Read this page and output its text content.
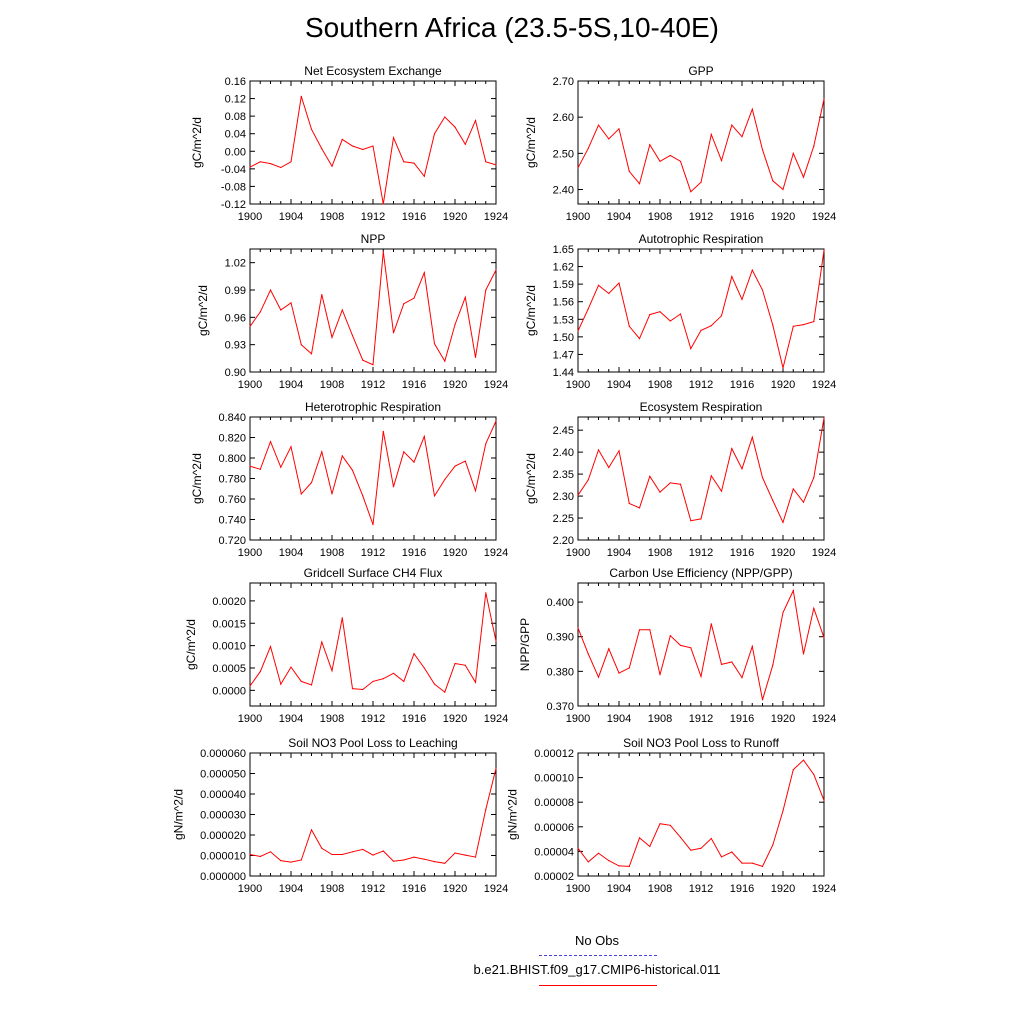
Southern Africa (23.5-5S,10-40E)
Net Ecosystem Exchange
1900 1904 1908 1912 1916 1920 1924
-0.12
-0.08
-0.04
0.00
0.04
0.08
0.12
0.16
gC/m^2/d
GPP
1900 1904 1908 1912 1916 1920 1924
2.40
2.50
2.60
2.70
gC/m^2/d
NPP
1900 1904 1908 1912 1916 1920 1924
0.90
0.93
0.96
0.99
1.02
gC/m^2/d
Autotrophic Respiration
1900 1904 1908 1912 1916 1920 1924
1.44
1.47
1.50
1.53
1.56
1.59
1.62
1.65
gC/m^2/d
Heterotrophic Respiration
1900 1904 1908 1912 1916 1920 1924
0.720
0.740
0.760
0.780
0.800
0.820
0.840
gC/m^2/d
Ecosystem Respiration
1900 1904 1908 1912 1916 1920 1924
2.20
2.25
2.30
2.35
2.40
2.45
gC/m^2/d
Gridcell Surface CH4 Flux
1900 1904 1908 1912 1916 1920 1924
0.0000
0.0005
0.0010
0.0015
0.0020
gC/m^2/d
Carbon Use Efficiency (NPP/GPP)
1900 1904 1908 1912 1916 1920 1924
0.370
0.380
0.390
0.400
NPP/GPP
Soil NO3 Pool Loss to Leaching
1900 1904 1908 1912 1916 1920 1924
0.000000
0.000010
0.000020
0.000030
0.000040
0.000050
0.000060
gN/m^2/d
Soil NO3 Pool Loss to Runoff
1900 1904 1908 1912 1916 1920 1924
0.00002
0.00004
0.00006
0.00008
0.00010
0.00012
gN/m^2/d
No Obs
b.e21.BHIST.f09_g17.CMIP6-historical.011
